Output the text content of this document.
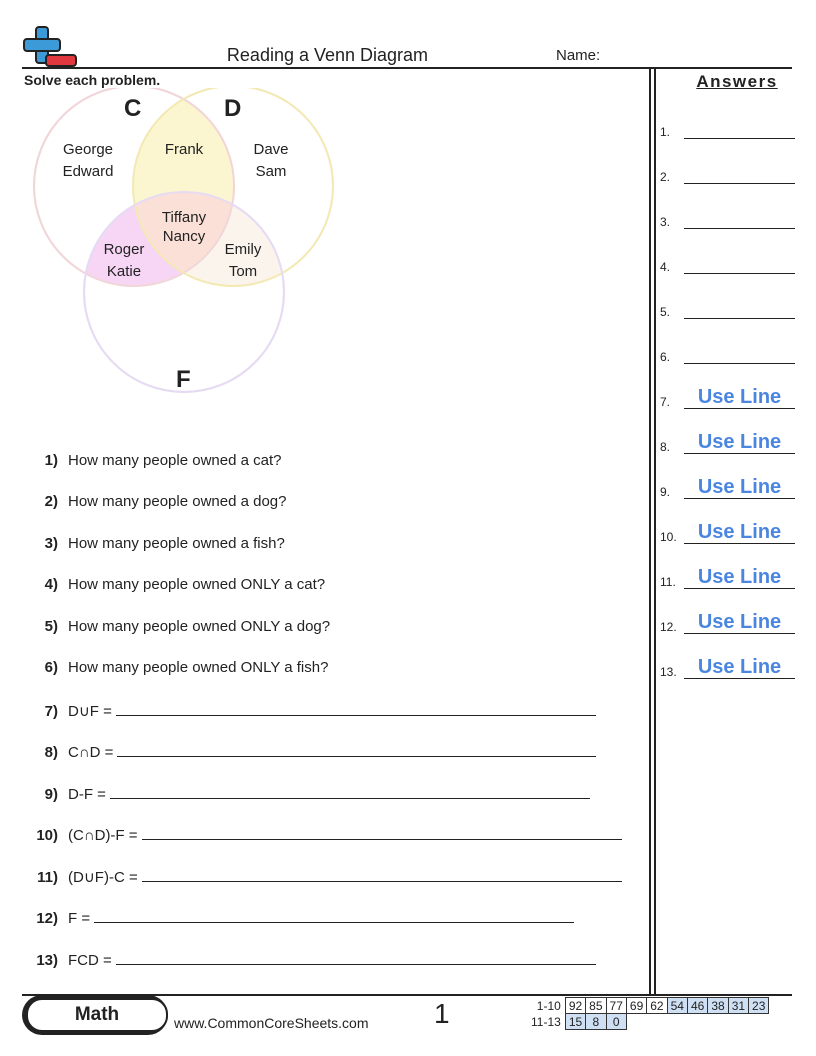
Reading a Venn Diagram	Name:
Solve each problem.	Answers
C	D
F
George
Edward
Frank	Dave
Sam
Tiffany
Nancy
Roger
Katie
Emily
Tom
1) How many people owned a cat?
2) How many people owned a dog?
3) How many people owned a fish?
4) How many people owned ONLY a cat?
5) How many people owned ONLY a dog?
6) How many people owned ONLY a fish?
7) D∪F =
8) C∩D =
9) D-F =
10) (C∩D)-F =
11) (D∪F)-C =
12) F =
13) FCD =
1.
2.
3.
4.
5.
6.
7.	Use Line
8.	Use Line
9.	Use Line
10.	Use Line
11.	Use Line
12.	Use Line
13.	Use Line
Math	www.CommonCoreSheets.com 1	1-10	92	85	77	69	62	54	46	38	31	23
11-13	15	8	0							
